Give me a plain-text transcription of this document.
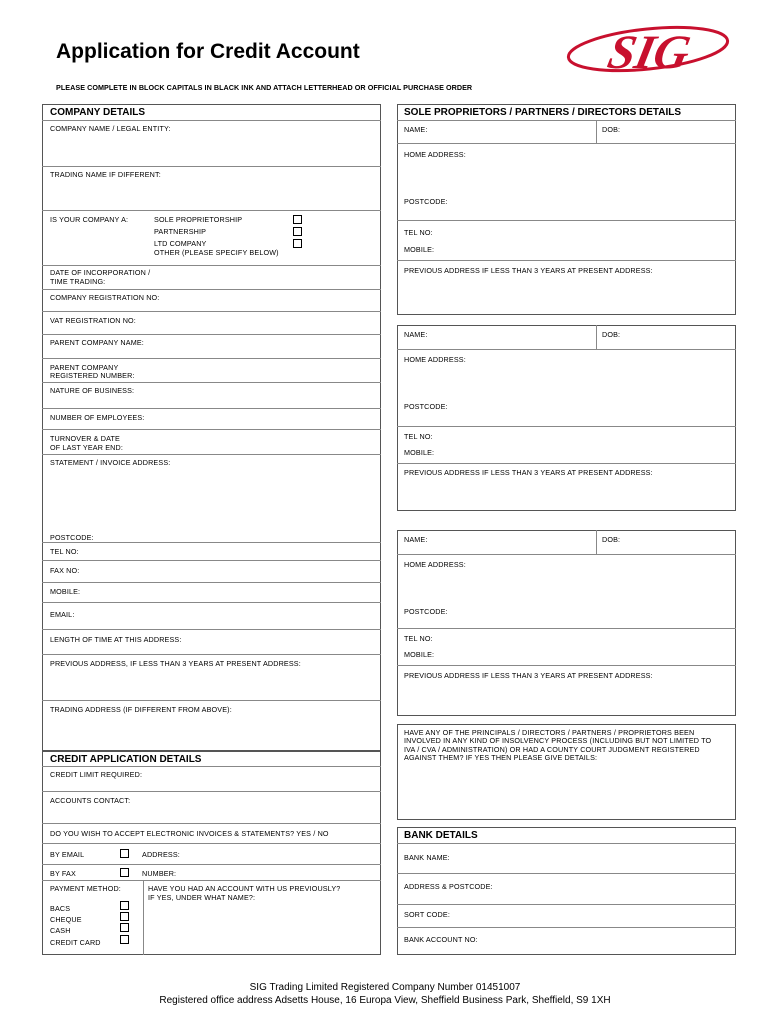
Application for Credit Account
PLEASE COMPLETE IN BLOCK CAPITALS IN BLACK INK AND ATTACH LETTERHEAD OR OFFICIAL PURCHASE ORDER
SIG
COMPANY DETAILS
COMPANY NAME / LEGAL ENTITY:
TRADING NAME IF DIFFERENT:
IS YOUR COMPANY A:	SOLE PROPRIETORSHIP
PARTNERSHIP
LTD COMPANY
OTHER (PLEASE SPECIFY BELOW)
DATE OF INCORPORATION /
TIME TRADING:
COMPANY REGISTRATION NO:
VAT REGISTRATION NO:
PARENT COMPANY NAME:
PARENT COMPANY
REGISTERED NUMBER:
NATURE OF BUSINESS:
NUMBER OF EMPLOYEES:
TURNOVER & DATE
OF LAST YEAR END:
STATEMENT / INVOICE ADDRESS:
POSTCODE:
TEL NO:
FAX NO:
MOBILE:
EMAIL:
LENGTH OF TIME AT THIS ADDRESS:
PREVIOUS ADDRESS, IF LESS THAN 3 YEARS AT PRESENT ADDRESS:
TRADING ADDRESS (IF DIFFERENT FROM ABOVE):
CREDIT APPLICATION DETAILS
CREDIT LIMIT REQUIRED:
ACCOUNTS CONTACT:
DO YOU WISH TO ACCEPT ELECTRONIC INVOICES & STATEMENTS? YES / NO
BY EMAIL	ADDRESS:
BY FAX	NUMBER:
PAYMENT METHOD:
BACS
CHEQUE
CASH
CREDIT CARD
HAVE YOU HAD AN ACCOUNT WITH US PREVIOUSLY?
IF YES, UNDER WHAT NAME?:
SOLE PROPRIETORS / PARTNERS / DIRECTORS DETAILS
NAME:	DOB:
HOME ADDRESS:
POSTCODE:
TEL NO:
MOBILE:
PREVIOUS ADDRESS IF LESS THAN 3 YEARS AT PRESENT ADDRESS:
NAME:	DOB:
HOME ADDRESS:
POSTCODE:
TEL NO:
MOBILE:
PREVIOUS ADDRESS IF LESS THAN 3 YEARS AT PRESENT ADDRESS:
NAME:	DOB:
HOME ADDRESS:
POSTCODE:
TEL NO:
MOBILE:
PREVIOUS ADDRESS IF LESS THAN 3 YEARS AT PRESENT ADDRESS:
HAVE ANY OF THE PRINCIPALS / DIRECTORS / PARTNERS / PROPRIETORS BEEN
INVOLVED IN ANY KIND OF INSOLVENCY PROCESS (INCLUDING BUT NOT LIMITED TO
IVA / CVA / ADMINISTRATION) OR HAD A COUNTY COURT JUDGMENT REGISTERED
AGAINST THEM? IF YES THEN PLEASE GIVE DETAILS:
BANK DETAILS
BANK NAME:
ADDRESS & POSTCODE:
SORT CODE:
BANK ACCOUNT NO:
SIG Trading Limited Registered Company Number 01451007
Registered office address Adsetts House, 16 Europa View, Sheffield Business Park, Sheffield, S9 1XH
